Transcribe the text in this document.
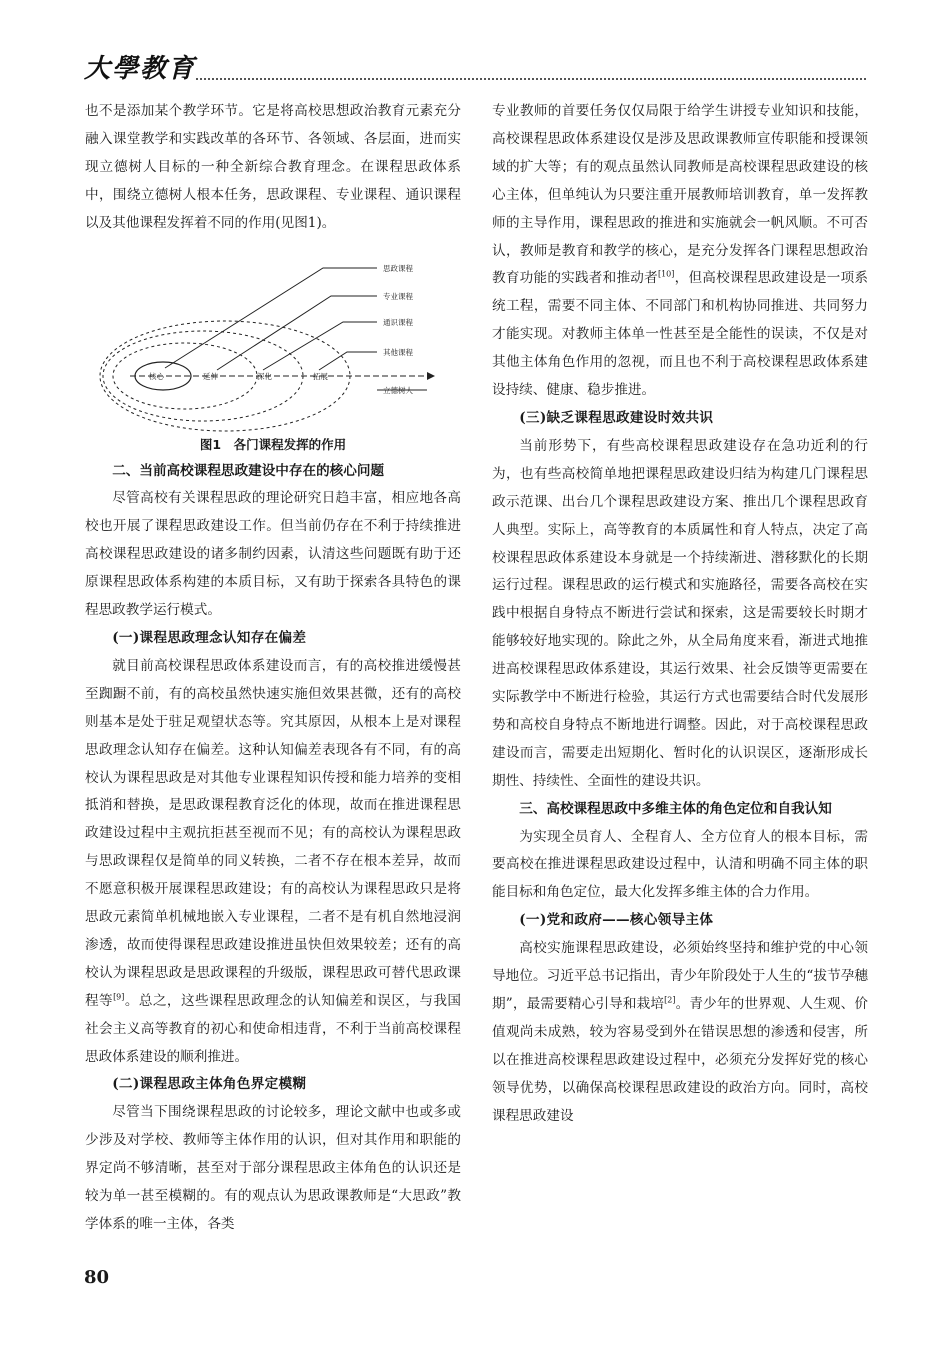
大學教育

也不是添加某个教学环节。它是将高校思想政治教育元素充分融入课堂教学和实践改革的各环节、各领域、各层面，进而实现立德树人目标的一种全新综合教育理念。在课程思政体系中，围绕立德树人根本任务，思政课程、专业课程、通识课程以及其他课程发挥着不同的作用(见图1)。

思政课程
专业课程
通识课程
其他课程
立德树人
核心	延伸	深化	拓展
图1　各门课程发挥的作用
二、当前高校课程思政建设中存在的核心问题

尽管高校有关课程思政的理论研究日趋丰富，相应地各高校也开展了课程思政建设工作。但当前仍存在不利于持续推进高校课程思政建设的诸多制约因素，认清这些问题既有助于还原课程思政体系构建的本质目标，又有助于探索各具特色的课程思政教学运行模式。

(一)课程思政理念认知存在偏差

就目前高校课程思政体系建设而言，有的高校推进缓慢甚至踟蹰不前，有的高校虽然快速实施但效果甚微，还有的高校则基本是处于驻足观望状态等。究其原因，从根本上是对课程思政理念认知存在偏差。这种认知偏差表现各有不同，有的高校认为课程思政是对其他专业课程知识传授和能力培养的变相抵消和替换，是思政课程教育泛化的体现，故而在推进课程思政建设过程中主观抗拒甚至视而不见；有的高校认为课程思政与思政课程仅是简单的同义转换，二者不存在根本差异，故而不愿意积极开展课程思政建设；有的高校认为课程思政只是将思政元素简单机械地嵌入专业课程，二者不是有机自然地浸润渗透，故而使得课程思政建设推进虽快但效果较差；还有的高校认为课程思政是思政课程的升级版，课程思政可替代思政课程等[9]。总之，这些课程思政理念的认知偏差和误区，与我国社会主义高等教育的初心和使命相违背，不利于当前高校课程思政体系建设的顺利推进。

(二)课程思政主体角色界定模糊

尽管当下围绕课程思政的讨论较多，理论文献中也或多或少涉及对学校、教师等主体作用的认识，但对其作用和职能的界定尚不够清晰，甚至对于部分课程思政主体角色的认识还是较为单一甚至模糊的。有的观点认为思政课教师是“大思政”教学体系的唯一主体，各类

专业教师的首要任务仅仅局限于给学生讲授专业知识和技能，高校课程思政体系建设仅是涉及思政课教师宣传职能和授课领域的扩大等；有的观点虽然认同教师是高校课程思政建设的核心主体，但单纯认为只要注重开展教师培训教育，单一发挥教师的主导作用，课程思政的推进和实施就会一帆风顺。不可否认，教师是教育和教学的核心，是充分发挥各门课程思想政治教育功能的实践者和推动者[10]，但高校课程思政建设是一项系统工程，需要不同主体、不同部门和机构协同推进、共同努力才能实现。对教师主体单一性甚至是全能性的误读，不仅是对其他主体角色作用的忽视，而且也不利于高校课程思政体系建设持续、健康、稳步推进。

(三)缺乏课程思政建设时效共识

当前形势下，有些高校课程思政建设存在急功近利的行为，也有些高校简单地把课程思政建设归结为构建几门课程思政示范课、出台几个课程思政建设方案、推出几个课程思政育人典型。实际上，高等教育的本质属性和育人特点，决定了高校课程思政体系建设本身就是一个持续渐进、潜移默化的长期运行过程。课程思政的运行模式和实施路径，需要各高校在实践中根据自身特点不断进行尝试和探索，这是需要较长时期才能够较好地实现的。除此之外，从全局角度来看，渐进式地推进高校课程思政体系建设，其运行效果、社会反馈等更需要在实际教学中不断进行检验，其运行方式也需要结合时代发展形势和高校自身特点不断地进行调整。因此，对于高校课程思政建设而言，需要走出短期化、暂时化的认识误区，逐渐形成长期性、持续性、全面性的建设共识。

三、高校课程思政中多维主体的角色定位和自我认知

为实现全员育人、全程育人、全方位育人的根本目标，需要高校在推进课程思政建设过程中，认清和明确不同主体的职能目标和角色定位，最大化发挥多维主体的合力作用。

(一)党和政府——核心领导主体

高校实施课程思政建设，必须始终坚持和维护党的中心领导地位。习近平总书记指出，青少年阶段处于人生的“拔节孕穗期”，最需要精心引导和栽培[2]。青少年的世界观、人生观、价值观尚未成熟，较为容易受到外在错误思想的渗透和侵害，所以在推进高校课程思政建设过程中，必须充分发挥好党的核心领导优势，以确保高校课程思政建设的政治方向。同时，高校课程思政建设

80
